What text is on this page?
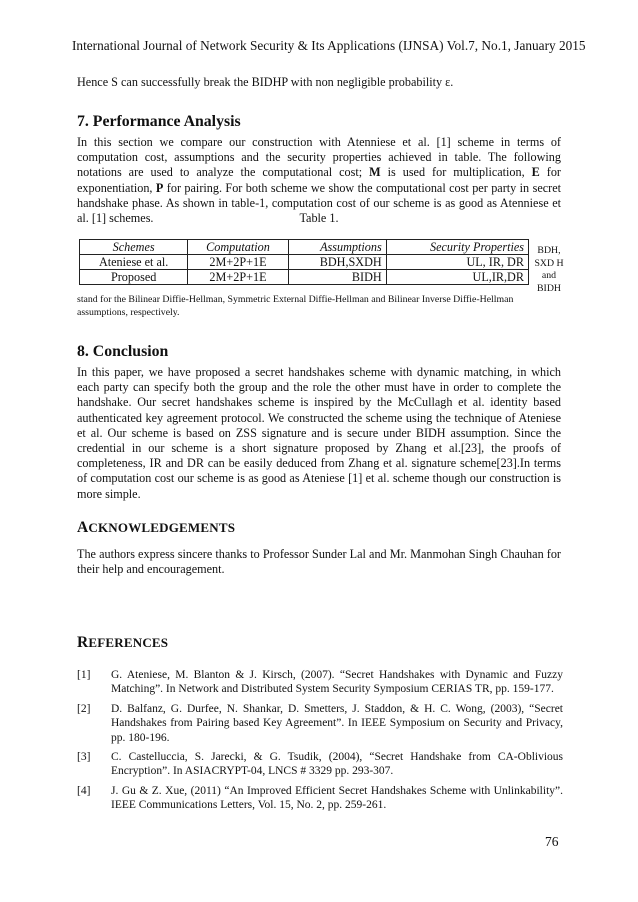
International Journal of Network Security & Its Applications (IJNSA) Vol.7, No.1, January 2015

Hence S can successfully break the BIDHP with non negligible probability ε.

7. Performance Analysis

In this section we compare our construction with Atenniese et al. [1] scheme in terms of computation cost, assumptions and the security properties achieved in table. The following notations are used to analyze the computational cost; M is used for multiplication, E for exponentiation, P for pairing. For both scheme we show the computational cost per party in secret handshake phase. As shown in table-1, computation cost of our scheme is as good as Atenniese et al. [1] schemes.	Table 1.
Schemes	Computation	Assumptions	Security Properties
Ateniese et al.	2M+2P+1E	BDH,SXDH	UL, IR, DR
Proposed	2M+2P+1E	BIDH	UL,IR,DR
BDH, SXD H and BIDH
stand for the Bilinear Diffie-Hellman, Symmetric External Diffie-Hellman and Bilinear Inverse Diffie-Hellman assumptions, respectively.
8. Conclusion

In this paper, we have proposed a secret handshakes scheme with dynamic matching, in which each party can specify both the group and the role the other must have in order to complete the handshake. Our secret handshakes scheme is inspired by the McCullagh et al. identity based authenticated key agreement protocol. We constructed the scheme using the technique of Ateniese et al. Our scheme is based on ZSS signature and is secure under BIDH assumption. Since the credential in our scheme is a short signature proposed by Zhang et al.[23], the proofs of completeness, IR and DR can be easily deduced from Zhang et al. signature scheme[23].In terms of computation cost our scheme is as good as Ateniese [1] et al. scheme though our construction is more simple.

ACKNOWLEDGEMENTS

The authors express sincere thanks to Professor Sunder Lal and Mr. Manmohan Singh Chauhan for their help and encouragement.

REFERENCES
[1] G. Ateniese, M. Blanton & J. Kirsch, (2007). “Secret Handshakes with Dynamic and Fuzzy Matching”. In Network and Distributed System Security Symposium CERIAS TR, pp. 159-177.
[2] D. Balfanz, G. Durfee, N. Shankar, D. Smetters, J. Staddon, & H. C. Wong, (2003), “Secret Handshakes from Pairing based Key Agreement”. In IEEE Symposium on Security and Privacy, pp. 180-196.
[3] C. Castelluccia, S. Jarecki, & G. Tsudik, (2004), “Secret Handshake from CA-Oblivious Encryption”. In ASIACRYPT-04, LNCS # 3329 pp. 293-307.
[4] J. Gu & Z. Xue, (2011) “An Improved Efficient Secret Handshakes Scheme with Unlinkability”. IEEE Communications Letters, Vol. 15, No. 2, pp. 259-261.
76
